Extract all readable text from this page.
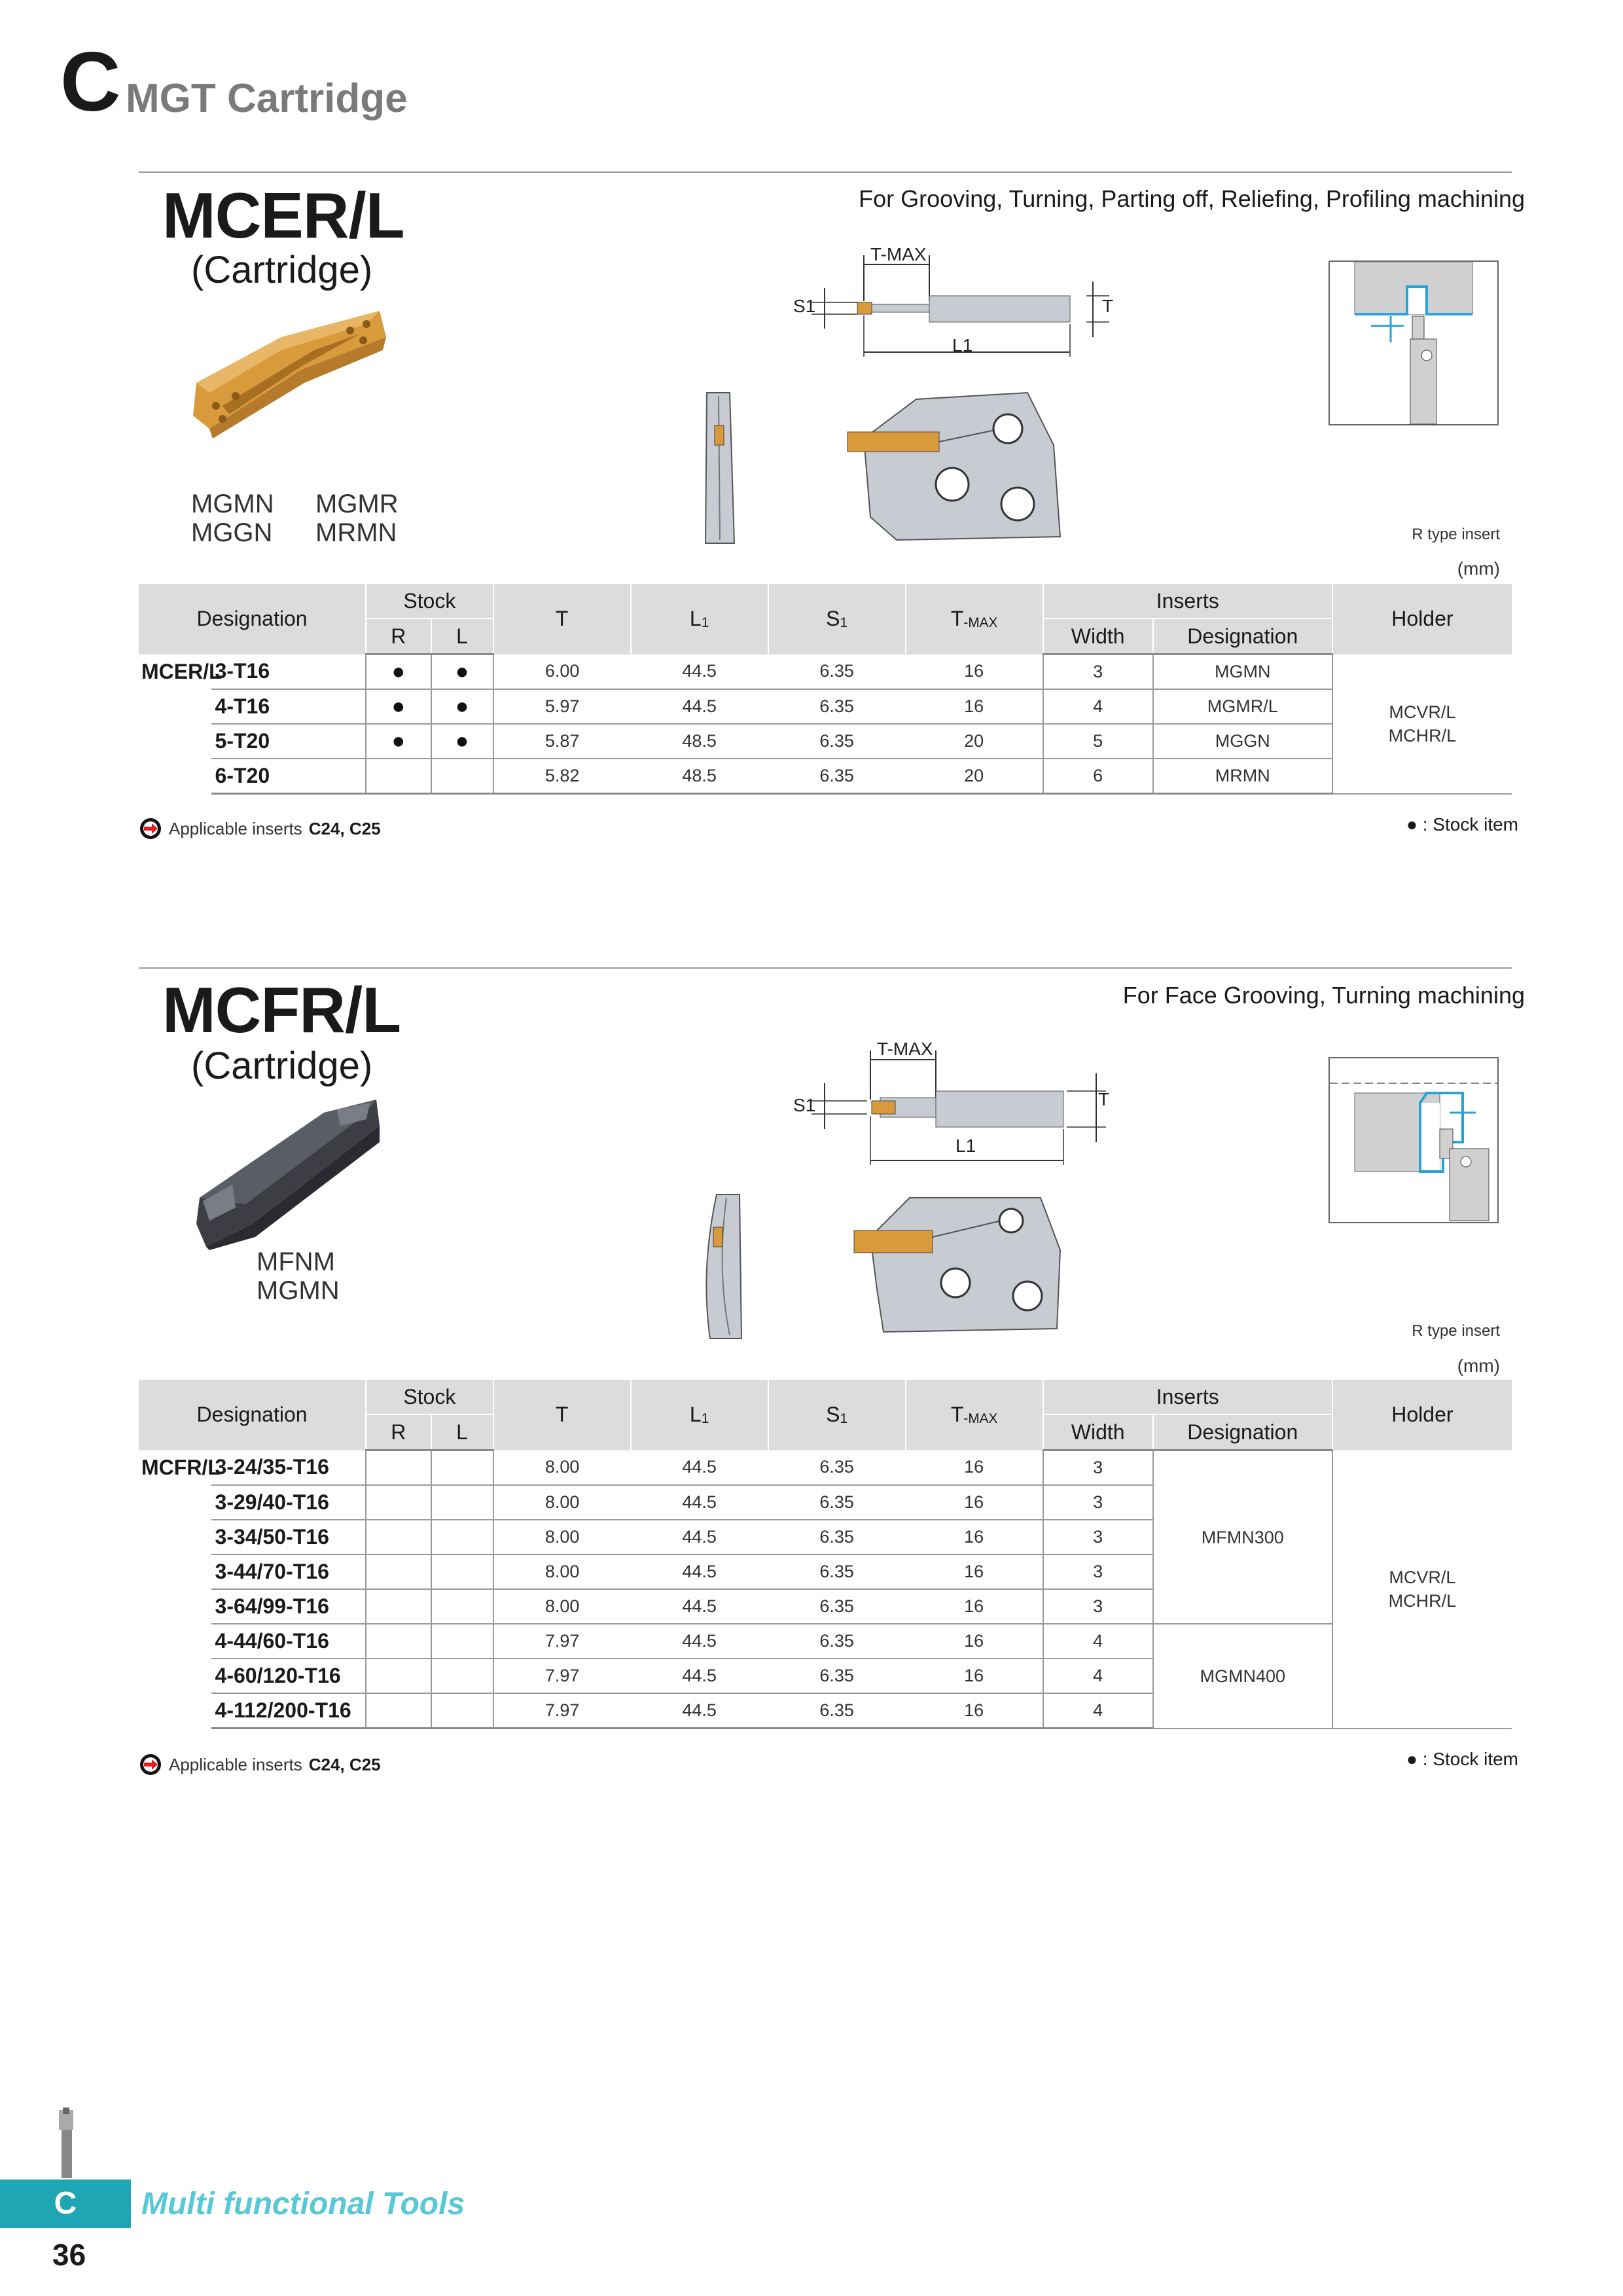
C MGT Cartridge
MCER/L
(Cartridge)
For Grooving, Turning, Parting off, Reliefing, Profiling machining
MGMN
MGGN
MGMR
MRMN
T-MAX
S1	T
L1
R type insert
(mm)
Designation		Stock		T	$L_1$	$S_1$	$T_{-MAX}$	Inserts		Holder
		R	L					Width	Designation	
MCER/L	3-T16	●	●	6.00	44.5	6.35	16	3	MGMN	MCVR/L
MCHR/L

	4-T16	●	●	5.97	44.5	6.35	16	4	MGMR/L	
	5-T20	●	●	5.87	48.5	6.35	20	5	MGGN	
	6-T20			5.82	48.5	6.35	20	6	MRMN	
Applicable inserts C24, C25	● : Stock item
MCFR/L
(Cartridge)
For Face Grooving, Turning machining
MFNM
MGMN
T-MAX
S1	T
L1
R type insert
(mm)
Designation		Stock		T	$L_1$	$S_1$	$T_{-MAX}$	Inserts		Holder
		R	L					Width	Designation	
MCFR/L	3-24/35-T16			8.00	44.5	6.35	16	3	MFMN300	MCVR/L
MCHR/L

	3-29/40-T16			8.00	44.5	6.35	16	3		
	3-34/50-T16			8.00	44.5	6.35	16	3		
	3-44/70-T16			8.00	44.5	6.35	16	3		
	3-64/99-T16			8.00	44.5	6.35	16	3		
	4-44/60-T16			7.97	44.5	6.35	16	4	MGMN400	
	4-60/120-T16			7.97	44.5	6.35	16	4		
	4-112/200-T16			7.97	44.5	6.35	16	4		
Applicable inserts C24, C25	● : Stock item
C	Multi functional Tools
36
